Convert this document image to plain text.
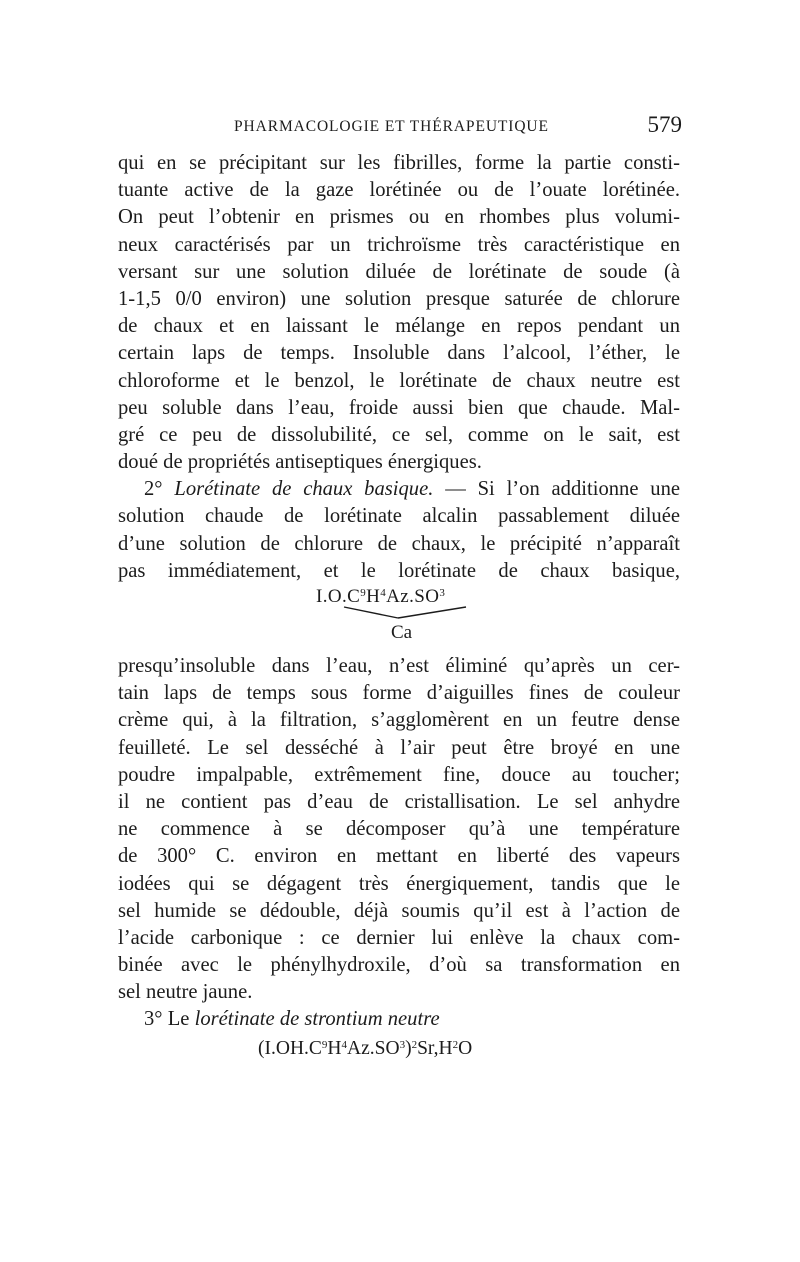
PHARMACOLOGIE ET THÉRAPEUTIQUE	579
qui en se précipitant sur les fibrilles, forme la partie consti-
tuante active de la gaze lorétinée ou de l’ouate lorétinée.
On peut l’obtenir en prismes ou en rhombes plus volumi-
neux caractérisés par un trichroïsme très caractéristique en
versant sur une solution diluée de lorétinate de soude (à
1-1,5 0/0 environ) une solution presque saturée de chlorure
de chaux et en laissant le mélange en repos pendant un
certain laps de temps. Insoluble dans l’alcool, l’éther, le
chloroforme et le benzol, le lorétinate de chaux neutre est
peu soluble dans l’eau, froide aussi bien que chaude. Mal-
gré ce peu de dissolubilité, ce sel, comme on le sait, est
doué de propriétés antiseptiques énergiques.
2° Lorétinate de chaux basique. — Si l’on additionne une
solution chaude de lorétinate alcalin passablement diluée
d’une solution de chlorure de chaux, le précipité n’apparaît
pas immédiatement, et le lorétinate de chaux basique,
$I.O.C^9H^4Az.SO^3$
Ca
presqu’insoluble dans l’eau, n’est éliminé qu’après un cer-
tain laps de temps sous forme d’aiguilles fines de couleur
crème qui, à la filtration, s’agglomèrent en un feutre dense
feuilleté. Le sel desséché à l’air peut être broyé en une
poudre impalpable, extrêmement fine, douce au toucher;
il ne contient pas d’eau de cristallisation. Le sel anhydre
ne commence à se décomposer qu’à une température
de 300° C. environ en mettant en liberté des vapeurs
iodées qui se dégagent très énergiquement, tandis que le
sel humide se dédouble, déjà soumis qu’il est à l’action de
l’acide carbonique : ce dernier lui enlève la chaux com-
binée avec le phénylhydroxile, d’où sa transformation en
sel neutre jaune.
3° Le lorétinate de strontium neutre
$(I.OH.C^9H^4Az.SO^3)^2Sr,H^2O$
